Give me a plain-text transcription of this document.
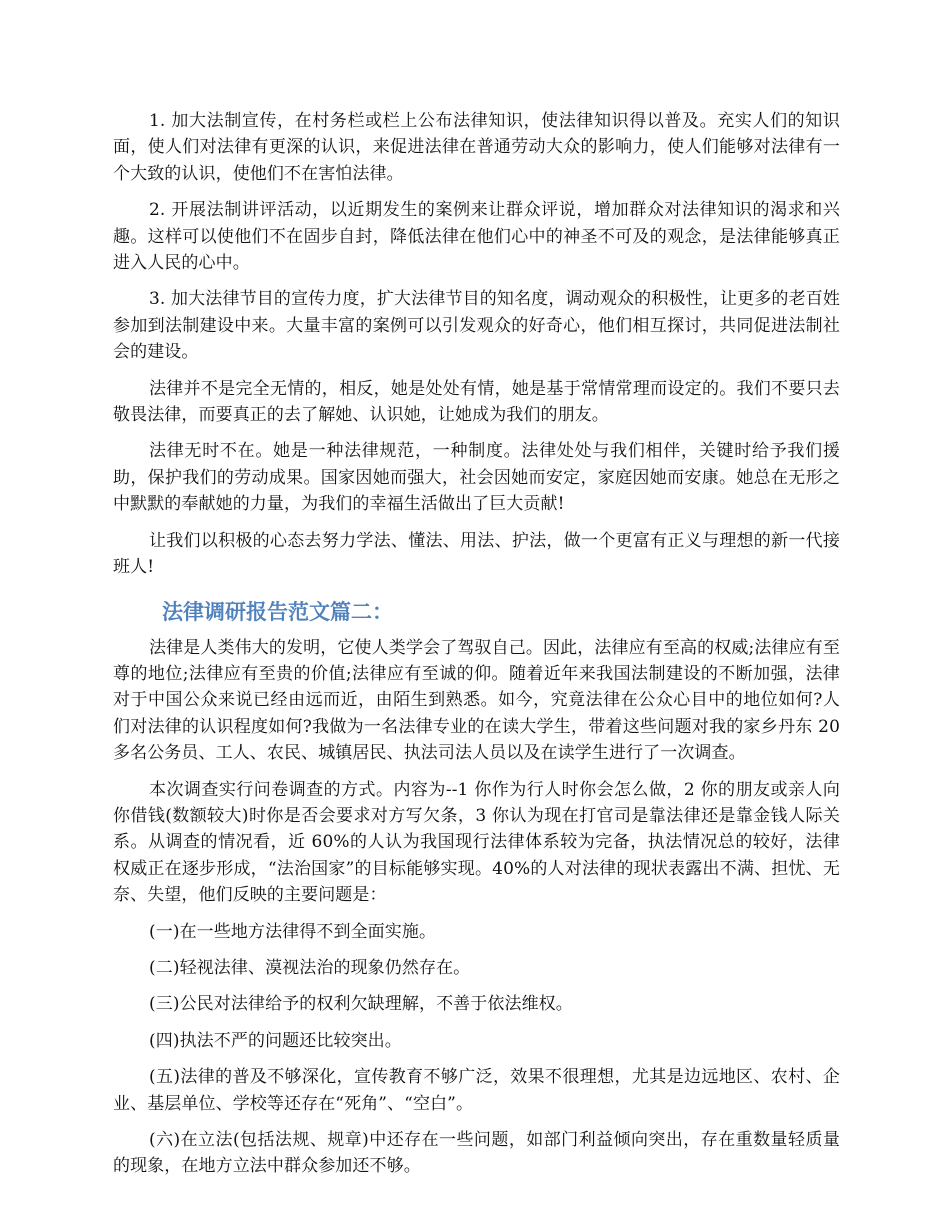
1. 加大法制宣传，在村务栏或栏上公布法律知识，使法律知识得以普及。充实人们的知识面，使人们对法律有更深的认识，来促进法律在普通劳动大众的影响力，使人们能够对法律有一个大致的认识，使他们不在害怕法律。

2. 开展法制讲评活动，以近期发生的案例来让群众评说，增加群众对法律知识的渴求和兴趣。这样可以使他们不在固步自封，降低法律在他们心中的神圣不可及的观念，是法律能够真正进入人民的心中。

3. 加大法律节目的宣传力度，扩大法律节目的知名度，调动观众的积极性，让更多的老百姓参加到法制建设中来。大量丰富的案例可以引发观众的好奇心，他们相互探讨，共同促进法制社会的建设。

法律并不是完全无情的，相反，她是处处有情，她是基于常情常理而设定的。我们不要只去敬畏法律，而要真正的去了解她、认识她，让她成为我们的朋友。

法律无时不在。她是一种法律规范，一种制度。法律处处与我们相伴，关键时给予我们援助，保护我们的劳动成果。国家因她而强大，社会因她而安定，家庭因她而安康。她总在无形之中默默的奉献她的力量，为我们的幸福生活做出了巨大贡献!

让我们以积极的心态去努力学法、懂法、用法、护法，做一个更富有正义与理想的新一代接班人!

法律调研报告范文篇二：

法律是人类伟大的发明，它使人类学会了驾驭自己。因此，法律应有至高的权威;法律应有至尊的地位;法律应有至贵的价值;法律应有至诚的仰。随着近年来我国法制建设的不断加强，法律对于中国公众来说已经由远而近，由陌生到熟悉。如今，究竟法律在公众心目中的地位如何?人们对法律的认识程度如何?我做为一名法律专业的在读大学生，带着这些问题对我的家乡丹东 20 多名公务员、工人、农民、城镇居民、执法司法人员以及在读学生进行了一次调查。

本次调查实行问卷调查的方式。内容为--1 你作为行人时你会怎么做，2 你的朋友或亲人向你借钱(数额较大)时你是否会要求对方写欠条，3 你认为现在打官司是靠法律还是靠金钱人际关系。从调查的情况看，近 60%的人认为我国现行法律体系较为完备，执法情况总的较好，法律权威正在逐步形成，“法治国家”的目标能够实现。40%的人对法律的现状表露出不满、担忧、无奈、失望，他们反映的主要问题是：

(一)在一些地方法律得不到全面实施。

(二)轻视法律、漠视法治的现象仍然存在。

(三)公民对法律给予的权利欠缺理解，不善于依法维权。

(四)执法不严的问题还比较突出。

(五)法律的普及不够深化，宣传教育不够广泛，效果不很理想，尤其是边远地区、农村、企业、基层单位、学校等还存在“死角”、“空白”。

(六)在立法(包括法规、规章)中还存在一些问题，如部门利益倾向突出，存在重数量轻质量的现象，在地方立法中群众参加还不够。
